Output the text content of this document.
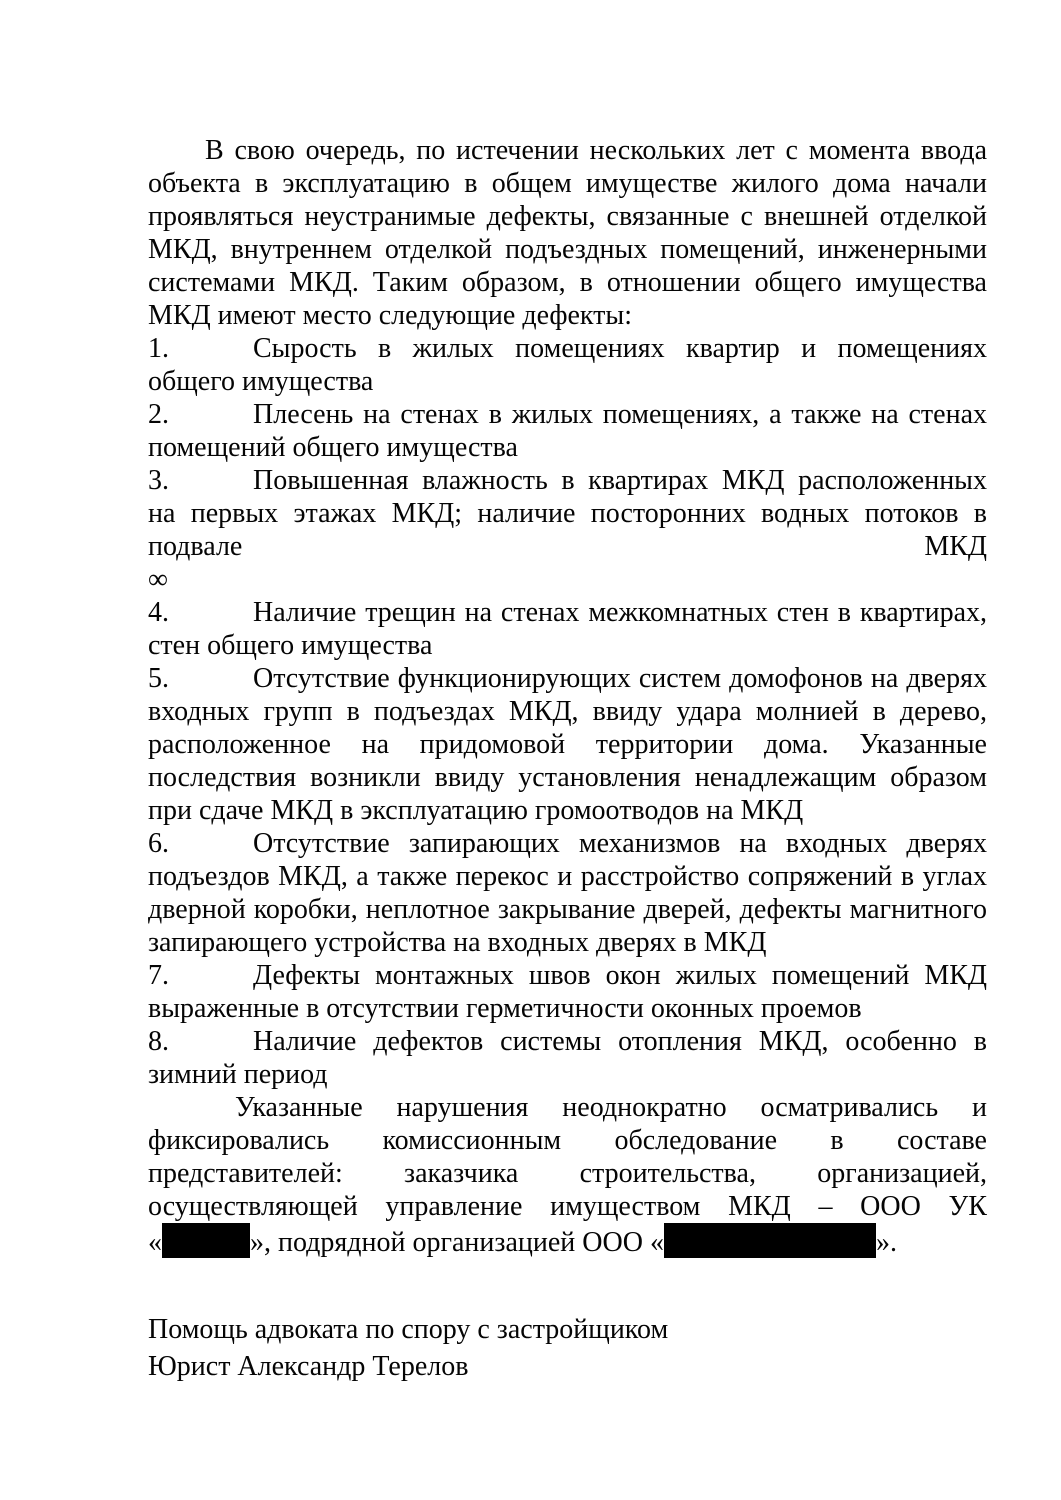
В свою очередь, по истечении нескольких лет с момента ввода объекта в эксплуатацию в общем имуществе жилого дома начали проявляться неустранимые дефекты, связанные с внешней отделкой МКД, внутреннем отделкой подъездных помещений, инженерными системами МКД. Таким образом, в отношении общего имущества МКД имеют место следующие дефекты:

1.	Сырость в жилых помещениях квартир и помещениях общего имущества

2.	Плесень на стенах в жилых помещениях, а также на стенах помещений общего имущества

3.	Повышенная влажность в квартирах МКД расположенных на первых этажах МКД; наличие посторонних водных потоков в подвале МКД

∞

4.	Наличие трещин на стенах межкомнатных стен в квартирах, стен общего имущества

5.	Отсутствие функционирующих систем домофонов на дверях входных групп в подъездах МКД, ввиду удара молнией в дерево, расположенное на придомовой территории дома. Указанные последствия возникли ввиду установления ненадлежащим образом при сдаче МКД в эксплуатацию громоотводов на МКД

6.	Отсутствие запирающих механизмов на входных дверях подъездов МКД, а также перекос и расстройство сопряжений в углах дверной коробки, неплотное закрывание дверей, дефекты магнитного запирающего устройства на входных дверях в МКД

7.	Дефекты монтажных швов окон жилых помещений МКД выраженные в отсутствии герметичности оконных проемов

8.	Наличие дефектов системы отопления МКД, особенно в зимний период

Указанные нарушения неоднократно осматривались и фиксировались комиссионным обследование в составе представителей: заказчика строительства, организацией, осуществляющей управление имуществом МКД – ООО УК «	», подрядной организацией ООО «	».

Помощь адвоката по спору с застройщиком

Юрист Александр Терелов
